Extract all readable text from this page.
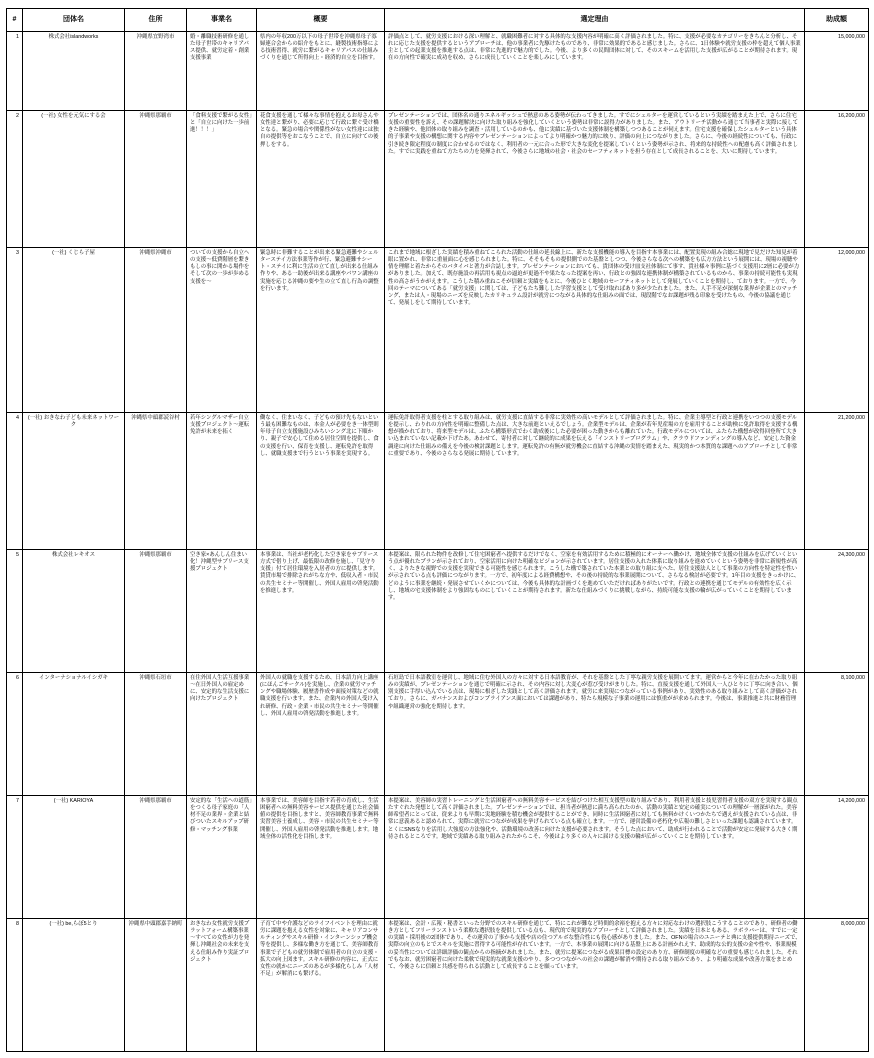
#	団体名	住所	事業名	概要	選定理由	助成額
1	株式会社islandworks	沖縄県宜野湾市	婚・離職技術研修を通した母子世帯のキャリアパス提供、就労定着・創業支援事業	県内の年収200万以下の母子世帯を沖縄県母子寡婦連合会からの紹介をもとに、縫製技術指導による技術習得、就労に繋がるキャリアパスの仕組みづくりを通じて所得向上・経済的自立を目指す。	評価点として、就労支援における深い理解と、就職困難者に対する具体的な支援内容が明確に高く評価されました。特に、支援が必要なカテゴリーをきちんと分析し、それに応じた支援を提供するというアプローチは、他の事業者に先駆けたものであり、非常に効果的であると感じました。さらに、1日体験や就労支援の枠を超えて個人事業主としての起業支援を推進する点は、非常に先進的で魅力的でした。今後、より多くの民間団体に対して、そのスキームを活用した支援が広がることが期待されます。現在の方向性で確実に成功を収め、さらに成長していくことを楽しみにしています。	15,000,000
2	(一社) 女性を元気にする会	沖縄県那覇市	「食料支援で繋がる女性」と「自立に向けた一歩前進！！！」	花食支援を通して様々な事情を抱えるお母さんや女性達と繋がり、必要に応じて行政に繋ぐ受け橋となる。緊急の場合や関係性がない女性達には独自の提供等をおこなうことで、自立に向けての後押しをする。	プレゼンテーションでは、団体名の通りエネルギッシュで熱意のある姿勢が伝わってきました。すでにシェルターを運営しているという実績を踏まえた上で、さらに住宅支援の重要性を訴え、その課題解決に向けた取り組みを強化していくという姿勢は非常に説得力がありました。また、アウトリーチ活動から通じて当事者と実際に接してきた経験や、他団体の取り組みを調査・活用しているのかも、他に実績に基づいた支援体制を構築しつつあることが伺えます。住宅支援を確保したシェルターという具体的子事業や支援の構想に関する内容やプレゼンテーションによってより明確かつ魅力的に映り、評価の向上につながりました。さらに、今後の経続性についても、行政に引き続き限定程度の制度に合わせるのではなく、利用者の一元に合った形で大きな変化を提案していくという姿勢が示され、将来的な持続性への配慮も高く評価されました。すでに実践を重ねて方たちの力を発揮されて、今後さらに地域の社会・社会のセーフティネットを担う存在として成長されることを、大いに期待しています。	16,200,000
3	(一社) くじら子屋	沖縄県沖縄市	ついての支援から自立への支援～低費階層を繋きもしの事に開かる場作を そして次の一歩が歩める支援を～	緊急時に非難することが出来る緊急避難やシェルターステイ方法事業等作が行、緊急避難サシート・ステイに利に生活の立て直しが出来る仕組み作りや、ある一助後が出来る講座やパワン講座の実施を応じる沖縄の要や生の立て直し行為の調整を行います。	これまで地域に根ざした実績を積み重ねてこられた活動の仕組の延長線上に、新たな支援機能の導入を目指す本事業には、配置実現の組み合総に現地で見だけた知見が着眼に置かれ、非常に重量面に心を感じられました。特に、そそもそもの提供側でのた基盤としつつ、今後さらなる次への構築をも広方方法という展開には、現場の視聴や情を理解と着たからそのバタイバと著力が合誌します。プレゼンテーションにおいても、貴団体の受け皿支社体制にて事す、貴社様々事例に基づく支援用に2層に必要が力がありました。加えて、既存施設の再活用も視点の逼迫が更過不や果たなった提案を再い、行政との強固な連携体制が構築されているものから、事業の持続可能性も実現性の高さがうかがえます。こうした積み重ねこそが信頼と実績をもとに、今後ひとく地域のセーフティネットとして発展していくことを期待し、ております。一方で、今回のテーマについてある「就労支援」に関しては、子どもたち難しした学習支援として受け取ればあり多が少たれました。また、人手不足が深刻な業界が企業とのマッチング、または人・現場のニーズを反映したカリキュラム設計が就労につながる具体的な仕組みの面では、現段階でなお課題が残る印象を受けたもの、今後の協議を通じて、発展しをして期待しています。	12,000,000
4	(一社) おきなわ子ども未来ネットワーク	沖縄県中頭郡読谷村	若年シングルマザー自立支援プロジェクト～運転免許が未来を拓く	働なく、住まいなく、子どもの預け先もないという最も困難なものは、本金人が必要をき一体型則年母子自立支援施設ひみちいシング北に下順かり、親子で安心して住める居住空間を提供し、食の支援を行い、保育を支援し、運転免許を取得し、就職支援まで行うという事業を実現する。	運転免許取得者支援を柱とする取り組みは、就労支援に直結する非常に実効性の高いモデルとして評価されました。特に、企業主導型と行政と連携をいつつの支援モデルを提示し、わりれの方向性を明確に整備した点は、大きな前進といえるでしょう。企業型モデルは、企業が若年児産場の方を雇用することが助検に免許取得を支援する構想が描かれており、将来型モデルは、ふたら構築形式でわく助成後にした必要が困った動きからも離れていた。行政モデルについては、ふたらた構想が改得回登所て大きい込まれていない記載か下げたあ。あわせて、寄付者に対して継続的に成果を伝える「インストリープログラム」や、クラウドファンディングの導入など、安定した資金調達に向けた仕組みの備えを今後の検討課題とします。運転免許の有無が就労機会に直結する沖縄の実情を踏まえた、現実的かつ本質的な課題へのアプローチとして非常に重要であり、今後のさらなる発展に期待しています。	21,200,000
5	株式会社レキオス	沖縄県那覇市	空き家×あんしん住まい化！沖縄型サブリース支援プロジェクト	本事業は、当社が老朽化した空き家をサブリース方式で借り上げ、最低限の改修を施し、「見守り支援」付て居住環境を入居者の方に提供します。賃貸市場で排除されがちな方や、低収入者・市民の共生セミナー等開催し、外国人雇用の啓発活動を推進します。	本提案は、限られた物件を改修して住宅困窮者へ提供するだけでなく、空家を有効活用するために積極的にオーナーへ働かけ、地域全体で支援の仕組みを広げていくという点が優れたプランが示されており、空家活用に向けた明確なビジョンが示されています。居住支援の入れた体系に取り組みを進めていくという姿勢を非常に新規性が高く、よりたきな視野での支援を実現できる可能性を感じられます。こうした構で築されていた本業との取り組に支へた、居住支援法人として事業の方向性を特定性を性いが示されている点も評価につながります。一方で、初年度による経費構想や、その後の持続的な事業展開について、さらなる検討が必要です。1年目の支援をきっかけに、どのように事業を継続・発展させていくかについては、今後も具体的な計画づくを進めていただければありがたいです。行政との連携を通じてモデルの有効性を広く示し、地域の宅支援体制をより強固なものにしていくことが期待されます。新たな仕組みづくりに挑戦しながら、持続可能な支援の輪が広がっていくことを期待しています。	24,300,000
6	インターナショナルイシガキ	沖縄県石垣市	在住外国人生活互援事業～在日外国人の雇定めに、安定的な生活支援に向けたプロジェクト	外国人の就職を支援するため、日本語力向上講座(にほんごサークル)を実施し、企業の就労マッチングや職場体験、履歴書作成や面接対策などの就職支援を行います。また、企業内の外国人受け入れ研修、行政・企業・市民の共生セミナー等開催し、外国人雇用の啓発活動を推進します。	石垣島で日本語教室を運営し、地域に住む外国人の方々に対する日本語教育が、それを基盤とした丁寧な親労支援を展開いてます。運営からと今年に在わたかった取り組みの実績が、プレゼンテーションを通じで明確に示され、その内容に対し大変心が惹び受けがまりした。特に、直接支援を通して外国人一人ひとりに丁寧に向き合い、個別支援に手厚い込んでいる点は、現場に根ざした実践として高く評価されます。就労に来実現につながっている事例があり、実効性のある取り組みとして高く評価がされており。さらに、ガバナンスおよびコンプライアンス面においては課題があり、特たら規模な子事業の運用には慎重がが求められます。今後は、事業推進と共に財務管理や組織運営の強化を期待します。	8,100,000
7	(一社) KARIOYA	沖縄県那覇市	安定的な「生活への道筋」をつくる母子家庭の「人材不足の業界・企業と結びついたスキルアップ研修・マッチング事業	本事業では、美容師を目指す若者の育成し、生活困窮者への無料美容サービス提供を通じた社会価値の提供を目指しますと、美容師教育事業で無料実習美容士養成し、美容・市民の共生セミナー等開催し、外国人雇用の啓発活動を推進します。地域全体の活性化を目指します。	本提案は、美容師の実習トレーニングと生活困窮者への無料美容サービスを結びつけた相互支援型の取り組みであり、利用者支援と技児習得者支援の双方を実現する観点たすぐれた発想として高く評価されました。プレゼンテーションでは、担当者が熱意に満ち高られたのか、活動の実績と安定の確実についての理解が一層深がれた。美容師希望者にとっては、従来よりも早期に実地経験を積む機会が提供することができ、同時に生活困窮者に対しても無料かけくいつかたちで遇えが支援されている点は、非常に意義あると認められて、実際に就労につながが成果を挙げられている点も確立します。一方で、運営設備の老朽化や広報の難しさといった課題も認識されています。とくにSNSなりを活用し大強度の方法強化や、活動環境の改善に向けた支援が必要されます。そうした点において、助成が行われることで活動が安定に発展する大きく期待されるところです。地域で実績ある取り組みされたからこそ、今後はより多くの人々に届ける支援の輪が広がっていくことを期待しています。	14,200,000
8	(一社) be,らぼ5とり	沖縄県中頭郡嘉手納町	おきなわ女性就労支援プラットフォーム構築事業～すべての女性が力を発揮し沖縄社会の未来を支える仕組み作り実証プロジェクト	子育て中や介護などのライフイベントを理由に就労に課題を抱える女性を対象に、キャリアコンサルティングやスキル研修・インターンシップ機会等を提供し、多様な働き方を通じて、美容師教育事業で子どもの就労体制で雇用者の自立の支援・拡大の向上図ます。スキル研修の内容に、正式に女性の就かにニーズのあるが多様化らしみ「人材不足」が解消にも繋げる。	本提案は、会計・広報・秘書といった分野でのスキル研修を通じて、特にこれが難など時間的余裕を抱える方々に対応なわけの選択肢こうすることのであり、研修者の働き方としてフリーランストいう柔軟な選択肢を提供している点も、現代的で現実的なアプローチとして評価されました。実績を日本ともある、ラボラバーは、すでに一定の実績・採用後の2団体であり、その運営の了事から支援や店の住つアルボな整合性にも役心感がありました。また、OFNの場合のユニーテと典に支援提供期待ニーズで、実際の向立のもとでスキルを実施に習得する可能性が存れています。一方で、本事業の展開に向ける基盤上にある計画かれえす、助成的な公的支援の金や性や、事業規模の妥当性については詳細評価の観点からの指摘があれました。また、就労に提案につながる成果目標の設定のあり方、研修制度の明確などの重要も感じられました。それでもなお、就労困窮者に向けた柔軟で現実的な就業支援のやり、多つつつながへの社会の課題が解消や期待される取り組みであり、より明確な成果や改善方策をまとめて、今後さらに信頼と共感を得られる活動として成長することを願っています。	8,000,000
